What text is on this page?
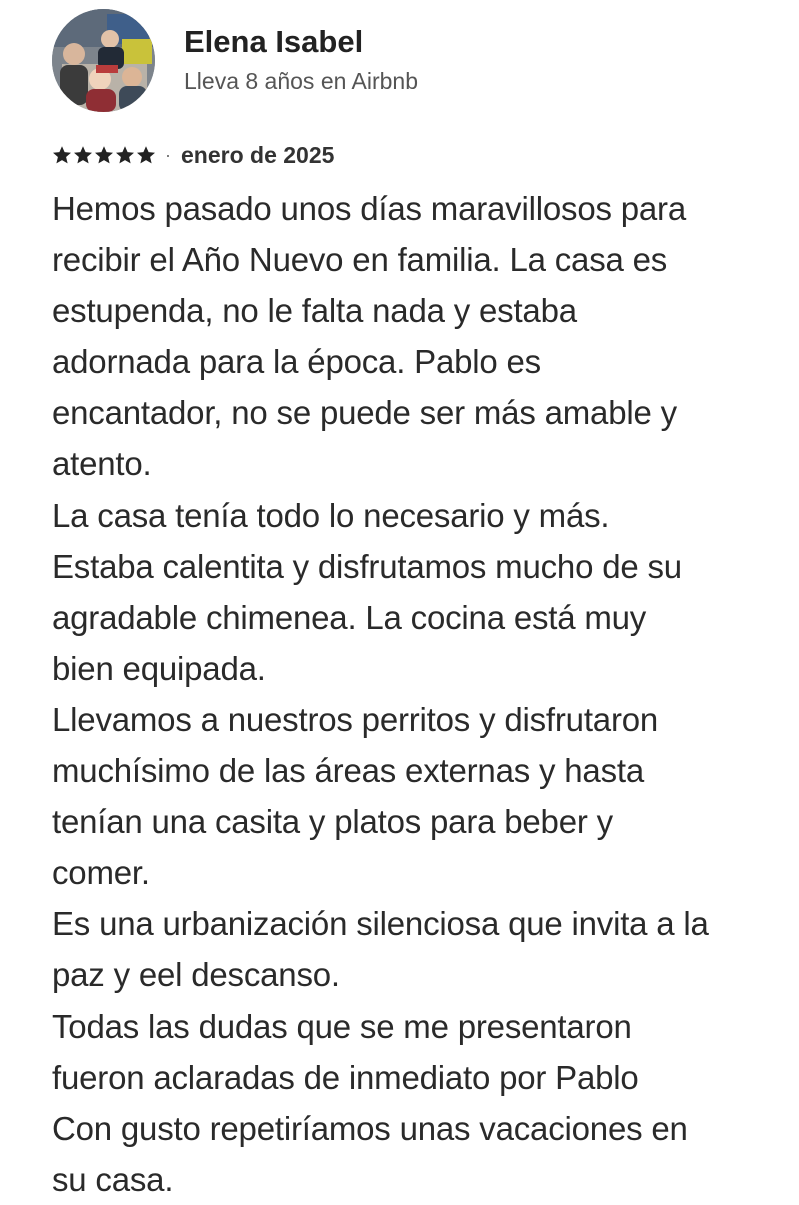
Elena Isabel
Lleva 8 años en Airbnb
· enero de 2025
Hemos pasado unos días maravillosos para
recibir el Año Nuevo en familia. La casa es
estupenda, no le falta nada y estaba
adornada para la época. Pablo es
encantador, no se puede ser más amable y
atento.
La casa tenía todo lo necesario y más.
Estaba calentita y disfrutamos mucho de su
agradable chimenea. La cocina está muy
bien equipada.
Llevamos a nuestros perritos y disfrutaron
muchísimo de las áreas externas y hasta
tenían una casita y platos para beber y
comer.
Es una urbanización silenciosa que invita a la
paz y eel descanso.
Todas las dudas que se me presentaron
fueron aclaradas de inmediato por Pablo
Con gusto repetiríamos unas vacaciones en
su casa.
